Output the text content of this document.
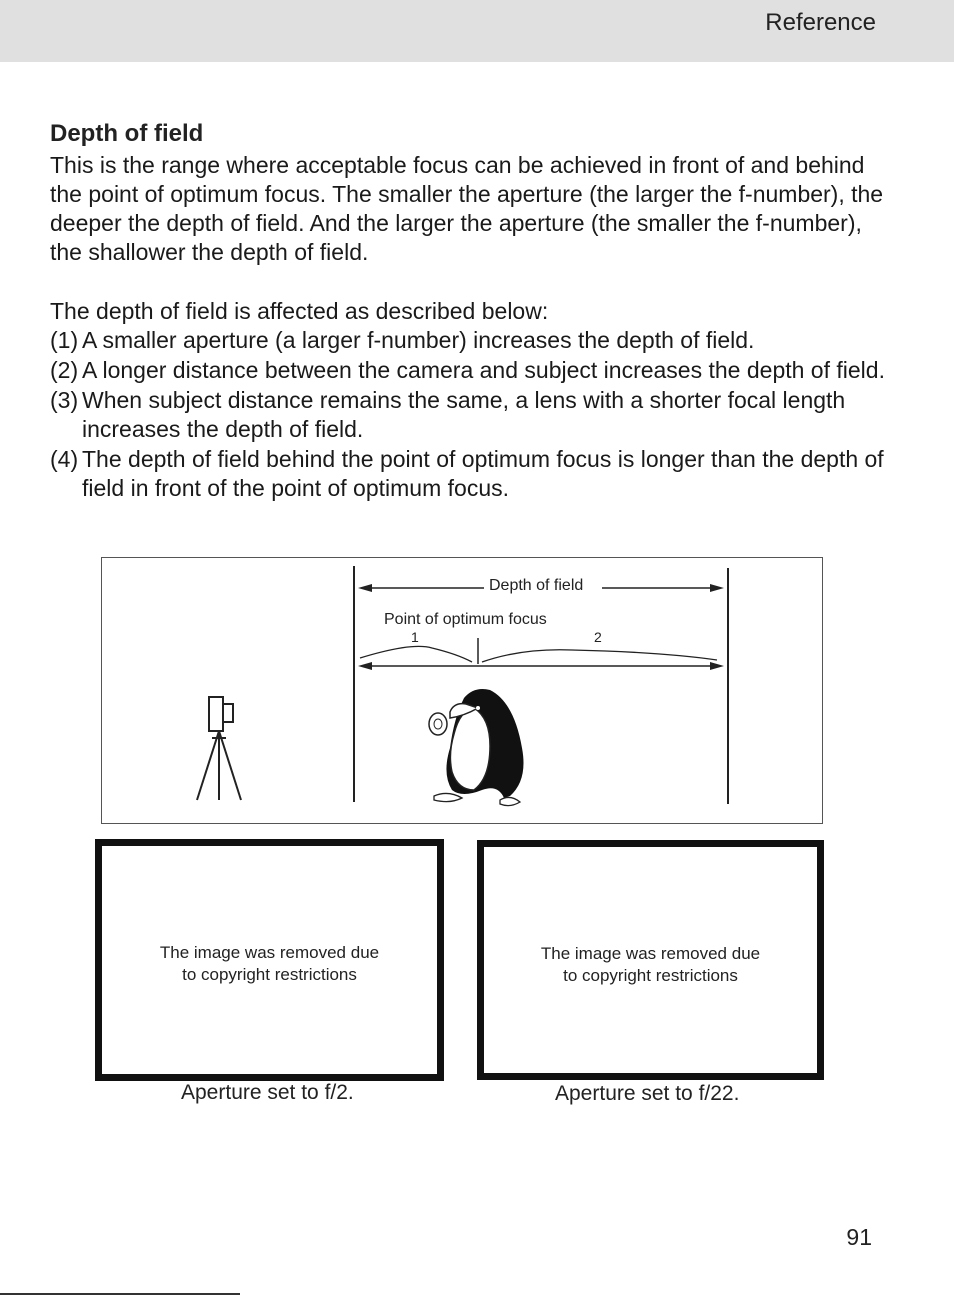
Reference
Depth of field

This is the range where acceptable focus can be achieved in front of and behind the point of optimum focus. The smaller the aperture (the larger the f-number), the deeper the depth of field. And the larger the aperture (the smaller the f-number), the shallower the depth of field.

The depth of field is affected as described below:

(1) A smaller aperture (a larger f-number) increases the depth of field.
(2) A longer distance between the camera and subject increases the depth of field.
(3) When subject distance remains the same, a lens with a shorter focal length increases the depth of field.
(4) The depth of field behind the point of optimum focus is longer than the depth of field in front of the point of optimum focus.
Depth of field
Point of optimum focus
1	2
The image was removed due
to copyright restrictions
The image was removed due
to copyright restrictions
Aperture set to f/2.	Aperture set to f/22.
91
